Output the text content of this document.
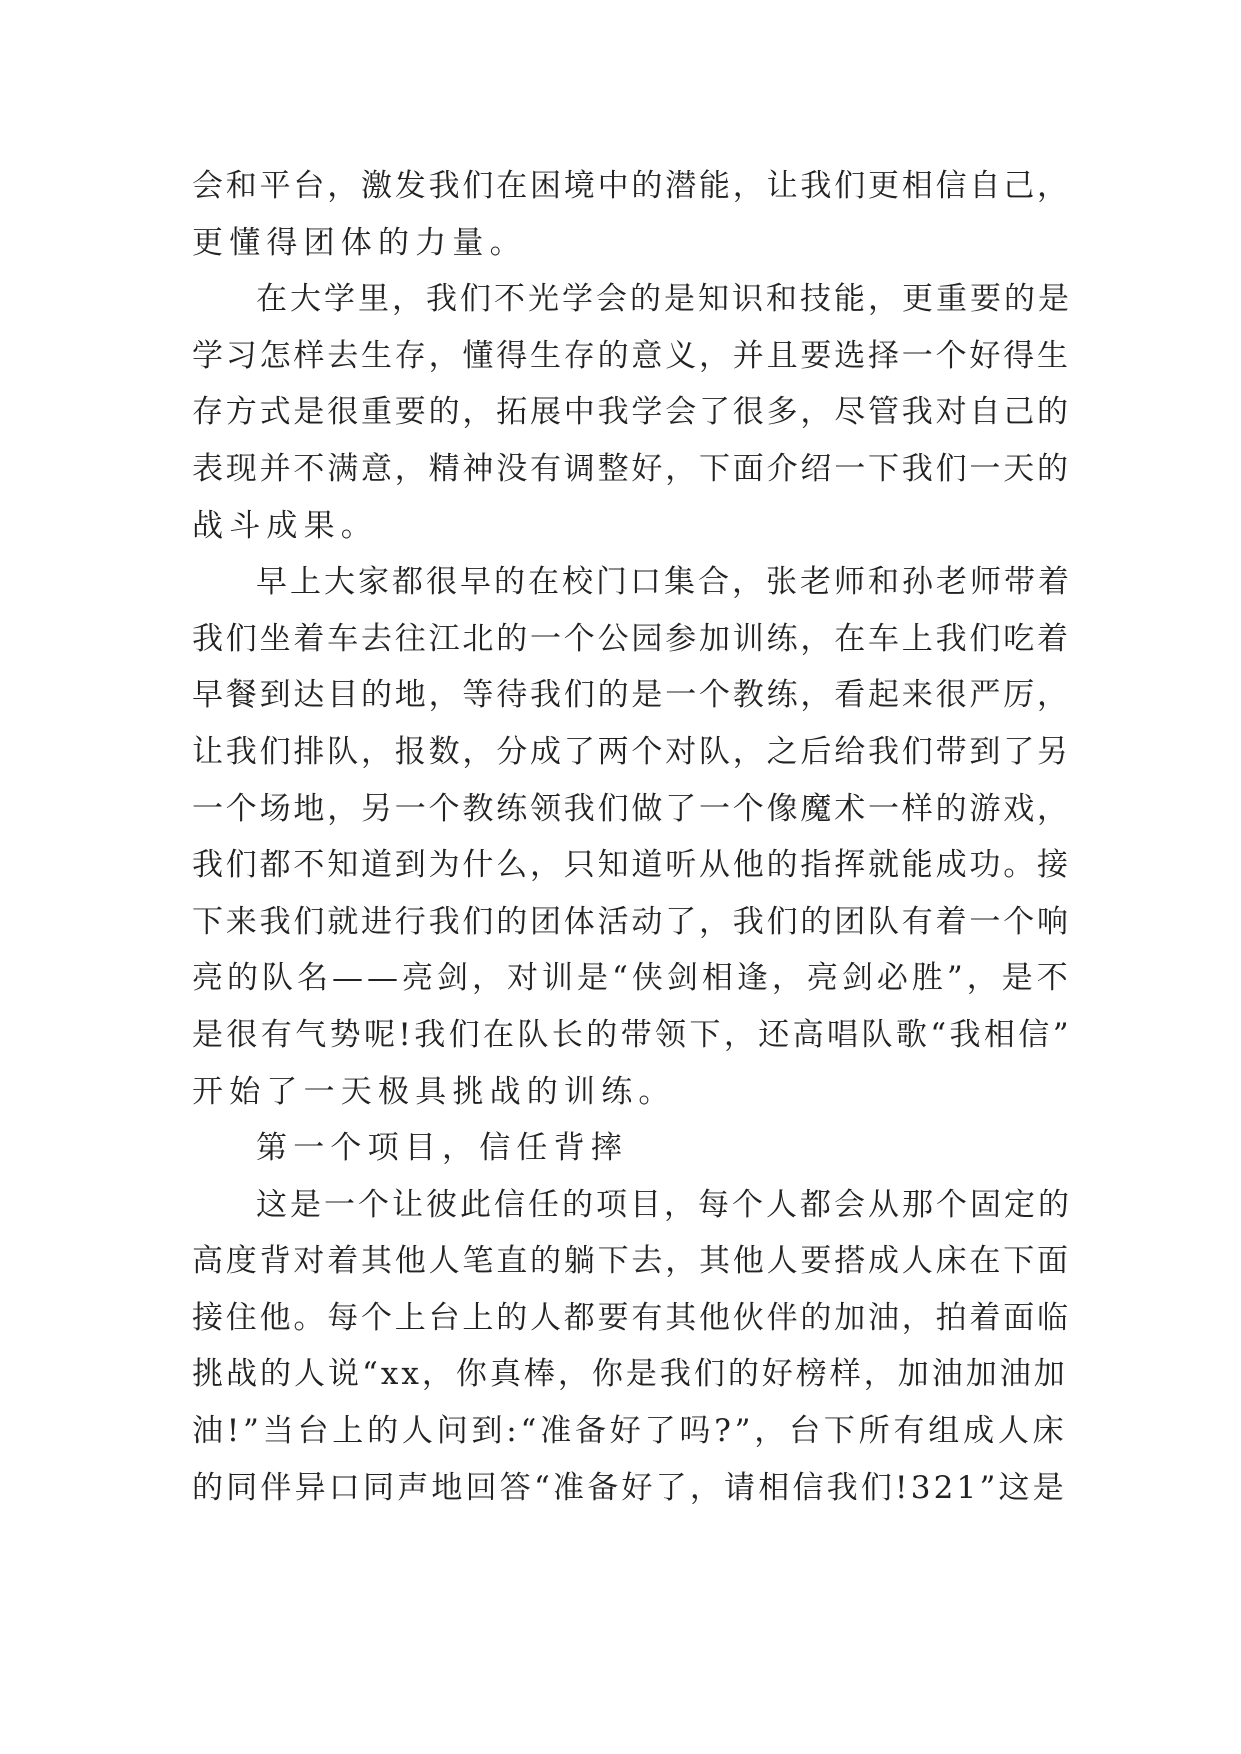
会和平台，激发我们在困境中的潜能，让我们更相信自己，
更懂得团体的力量。
在大学里，我们不光学会的是知识和技能，更重要的是
学习怎样去生存，懂得生存的意义，并且要选择一个好得生
存方式是很重要的，拓展中我学会了很多，尽管我对自己的
表现并不满意，精神没有调整好，下面介绍一下我们一天的
战斗成果。
早上大家都很早的在校门口集合，张老师和孙老师带着
我们坐着车去往江北的一个公园参加训练，在车上我们吃着
早餐到达目的地，等待我们的是一个教练，看起来很严厉，
让我们排队，报数，分成了两个对队，之后给我们带到了另
一个场地，另一个教练领我们做了一个像魔术一样的游戏，
我们都不知道到为什么，只知道听从他的指挥就能成功。接
下来我们就进行我们的团体活动了，我们的团队有着一个响
亮的队名——亮剑，对训是“侠剑相逢，亮剑必胜”，是不
是很有气势呢!我们在队长的带领下，还高唱队歌“我相信”
开始了一天极具挑战的训练。
第一个项目，信任背摔
这是一个让彼此信任的项目，每个人都会从那个固定的
高度背对着其他人笔直的躺下去，其他人要搭成人床在下面
接住他。每个上台上的人都要有其他伙伴的加油，拍着面临
挑战的人说“xx，你真棒，你是我们的好榜样，加油加油加
油!”当台上的人问到:“准备好了吗?”，台下所有组成人床
的同伴异口同声地回答“准备好了，请相信我们!321”这是
